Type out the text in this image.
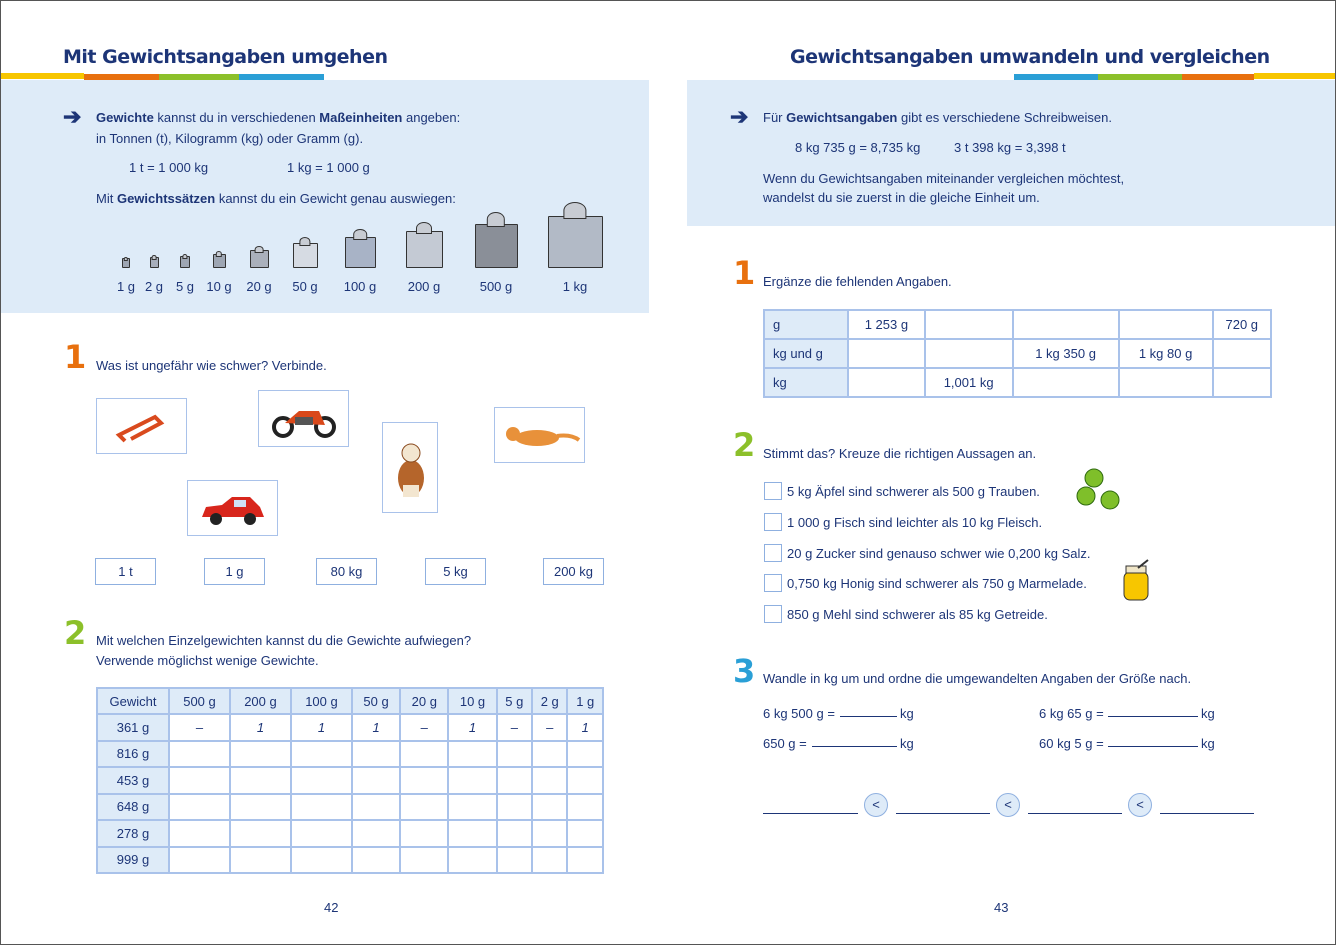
Mit Gewichtsangaben umgehen
➔ Gewichte kannst du in verschiedenen Maßeinheiten angeben:
in Tonnen (t), Kilogramm (kg) oder Gramm (g).
1 t = 1 000 kg	1 kg = 1 000 g
Mit Gewichtssätzen kannst du ein Gewicht genau auswiegen:
1 g 2 g 5 g 10 g	20 g	50 g	100 g	200 g	500 g	1 kg
1 Was ist ungefähr wie schwer? Verbinde.
1 t	1 g	80 kg	5 kg	200 kg
2 Mit welchen Einzelgewichten kannst du die Gewichte aufwiegen?
Verwende möglichst wenige Gewichte.
Gewicht	500 g	200 g	100 g	50 g	20 g	10 g	5 g	2 g	1 g
361 g	–	1	1	1	–	1	–	–	1
816 g									
453 g									
648 g									
278 g									
999 g									
42
Gewichtsangaben umwandeln und vergleichen
➔ Für Gewichtsangaben gibt es verschiedene Schreibweisen.
8 kg 735 g = 8,735 kg	3 t 398 kg = 3,398 t
Wenn du Gewichtsangaben miteinander vergleichen möchtest,
wandelst du sie zuerst in die gleiche Einheit um.
1 Ergänze die fehlenden Angaben.
g	1 253 g				720 g
kg und g			1 kg 350 g	1 kg 80 g	
kg		1,001 kg			
2 Stimmt das? Kreuze die richtigen Aussagen an.
5 kg Äpfel sind schwerer als 500 g Trauben.
1 000 g Fisch sind leichter als 10 kg Fleisch.
20 g Zucker sind genauso schwer wie 0,200 kg Salz.
0,750 kg Honig sind schwerer als 750 g Marmelade.
850 g Mehl sind schwerer als 85 kg Getreide.
3 Wandle in kg um und ordne die umgewandelten Angaben der Größe nach.
6 kg 500 g =	kg	6 kg 65 g =	kg
650 g =	kg	60 kg 5 g =	kg
<	<	<
43
